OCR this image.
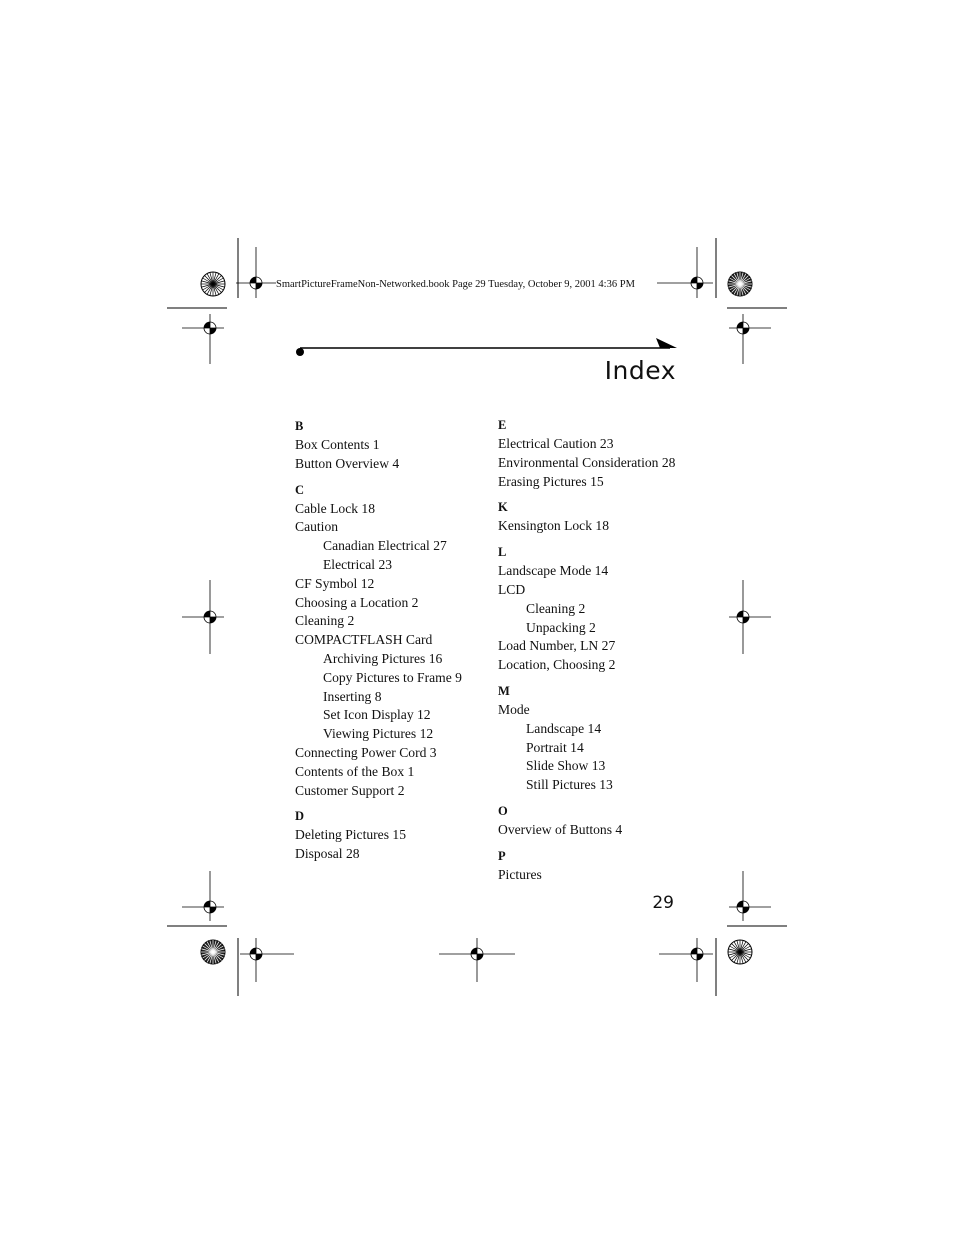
SmartPictureFrameNon-Networked.book Page 29 Tuesday, October 9, 2001 4:36 PM
Index
B
Box Contents 1
Button Overview 4
C
Cable Lock 18
Caution
Canadian Electrical 27
Electrical 23
CF Symbol 12
Choosing a Location 2
Cleaning 2
COMPACTFLASH Card
Archiving Pictures 16
Copy Pictures to Frame 9
Inserting 8
Set Icon Display 12
Viewing Pictures 12
Connecting Power Cord 3
Contents of the Box 1
Customer Support 2
D
Deleting Pictures 15
Disposal 28
E
Electrical Caution 23
Environmental Consideration 28
Erasing Pictures 15
K
Kensington Lock 18
L
Landscape Mode 14
LCD
Cleaning 2
Unpacking 2
Load Number, LN 27
Location, Choosing 2
M
Mode
Landscape 14
Portrait 14
Slide Show 13
Still Pictures 13
O
Overview of Buttons 4
P
Pictures
29
